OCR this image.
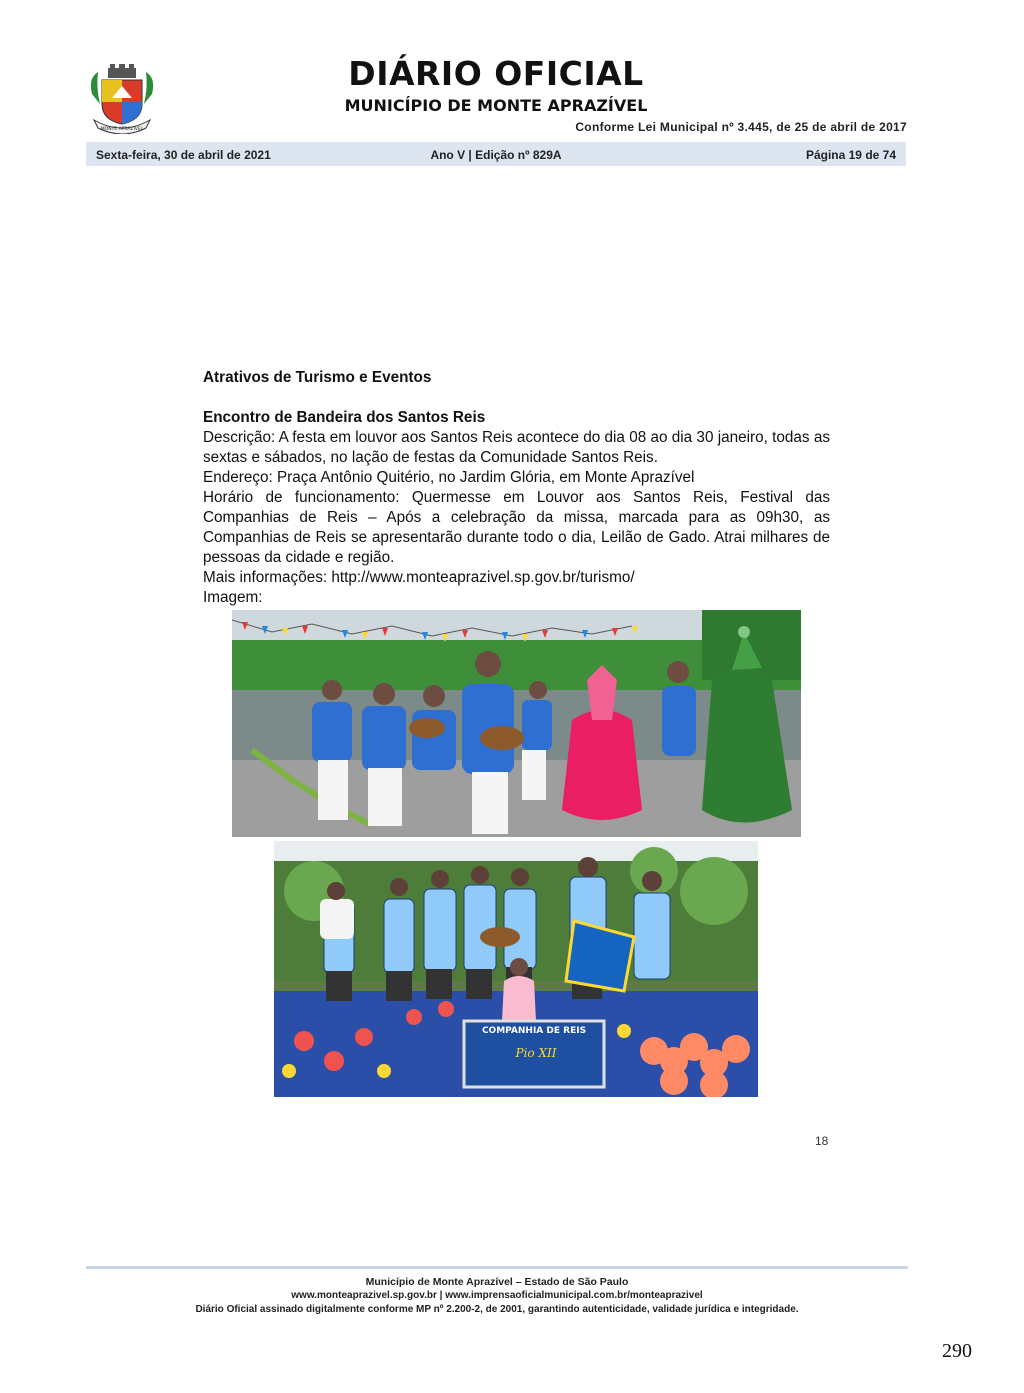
MONTE APRAZÍVEL
DIÁRIO OFICIAL
MUNICÍPIO DE MONTE APRAZÍVEL
Conforme Lei Municipal nº 3.445, de 25 de abril de 2017
Ano V | Edição nº 829A
Sexta-feira, 30 de abril de 2021	Página 19 de 74

Atrativos de Turismo e Eventos

Encontro de Bandeira dos Santos Reis

Descrição: A festa em louvor aos Santos Reis acontece do dia 08 ao dia 30 janeiro, todas as sextas e sábados, no lação de festas da Comunidade Santos Reis.

Endereço: Praça Antônio Quitério, no Jardim Glória, em Monte Aprazível

Horário de funcionamento: Quermesse em Louvor aos Santos Reis, Festival das Companhias de Reis – Após a celebração da missa, marcada para as 09h30, as Companhias de Reis se apresentarão durante todo o dia, Leilão de Gado. Atrai milhares de pessoas da cidade e região.

Mais informações: http://www.monteaprazivel.sp.gov.br/turismo/

Imagem:

COMPANHIA DE REIS
Pio XII
18
Município de Monte Aprazível – Estado de São Paulo
www.monteaprazivel.sp.gov.br | www.imprensaoficialmunicipal.com.br/monteaprazivel
Diário Oficial assinado digitalmente conforme MP nº 2.200-2, de 2001, garantindo autenticidade, validade jurídica e integridade.
290
